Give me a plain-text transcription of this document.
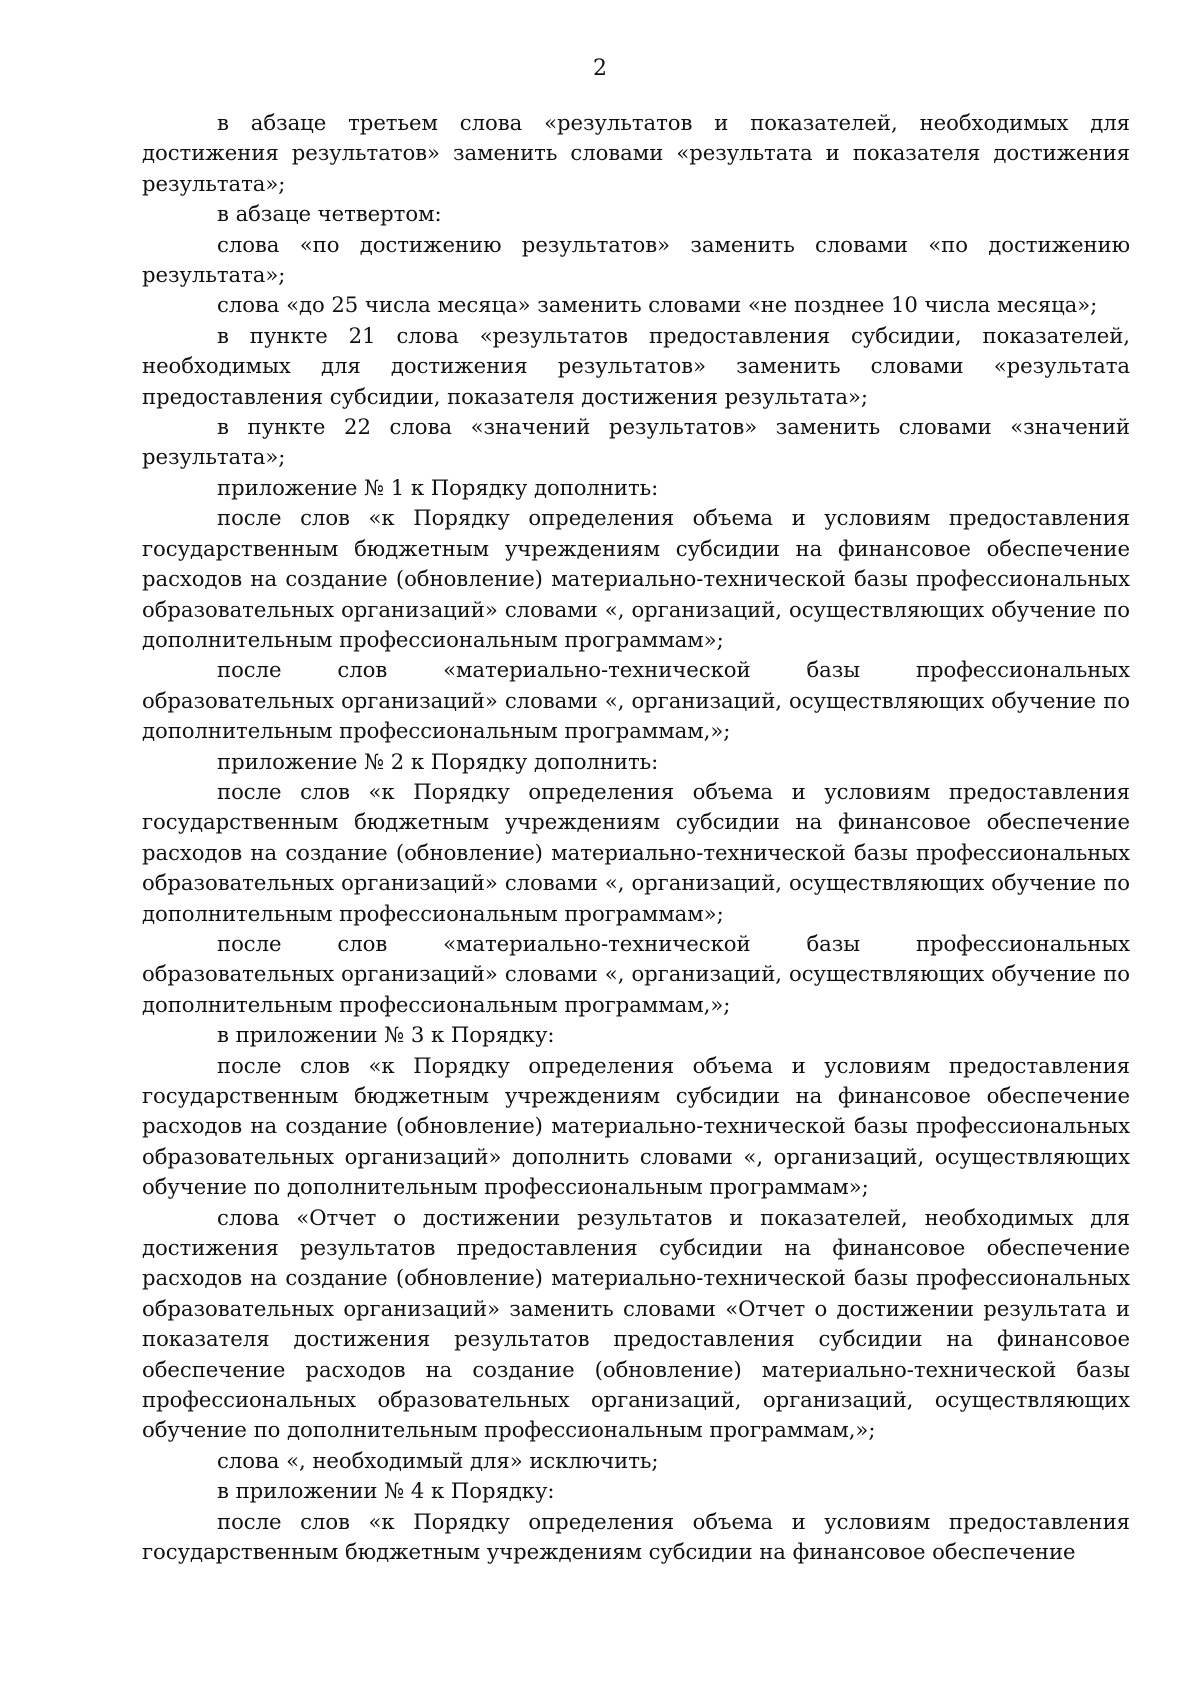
2

в абзаце третьем слова «результатов и показателей, необходимых для достижения результатов» заменить словами «результата и показателя достижения результата»;

в абзаце четвертом:

слова «по достижению результатов» заменить словами «по достижению результата»;

слова «до 25 числа месяца» заменить словами «не позднее 10 числа месяца»;

в пункте 21 слова «результатов предоставления субсидии, показателей, необходимых для достижения результатов» заменить словами «результата предоставления субсидии, показателя достижения результата»;

в пункте 22 слова «значений результатов» заменить словами «значений результата»;

приложение № 1 к Порядку дополнить:

после слов «к Порядку определения объема и условиям предоставления государственным бюджетным учреждениям субсидии на финансовое обеспечение расходов на создание (обновление) материально-технической базы профессиональных образовательных организаций» словами «, организаций, осуществляющих обучение по дополнительным профессиональным программам»;

после слов «материально-технической базы профессиональных образовательных организаций» словами «, организаций, осуществляющих обучение по дополнительным профессиональным программам,»;

приложение № 2 к Порядку дополнить:

после слов «к Порядку определения объема и условиям предоставления государственным бюджетным учреждениям субсидии на финансовое обеспечение расходов на создание (обновление) материально-технической базы профессиональных образовательных организаций» словами «, организаций, осуществляющих обучение по дополнительным профессиональным программам»;

после слов «материально-технической базы профессиональных образовательных организаций» словами «, организаций, осуществляющих обучение по дополнительным профессиональным программам,»;

в приложении № 3 к Порядку:

после слов «к Порядку определения объема и условиям предоставления государственным бюджетным учреждениям субсидии на финансовое обеспечение расходов на создание (обновление) материально-технической базы профессиональных образовательных организаций» дополнить словами «, организаций, осуществляющих обучение по дополнительным профессиональным программам»;

слова «Отчет о достижении результатов и показателей, необходимых для достижения результатов предоставления субсидии на финансовое обеспечение расходов на создание (обновление) материально-технической базы профессиональных образовательных организаций» заменить словами «Отчет о достижении результата и показателя достижения результатов предоставления субсидии на финансовое обеспечение расходов на создание (обновление) материально-технической базы профессиональных образовательных организаций, организаций, осуществляющих обучение по дополнительным профессиональным программам,»;

слова «, необходимый для» исключить;

в приложении № 4 к Порядку:

после слов «к Порядку определения объема и условиям предоставления государственным бюджетным учреждениям субсидии на финансовое обеспечение
